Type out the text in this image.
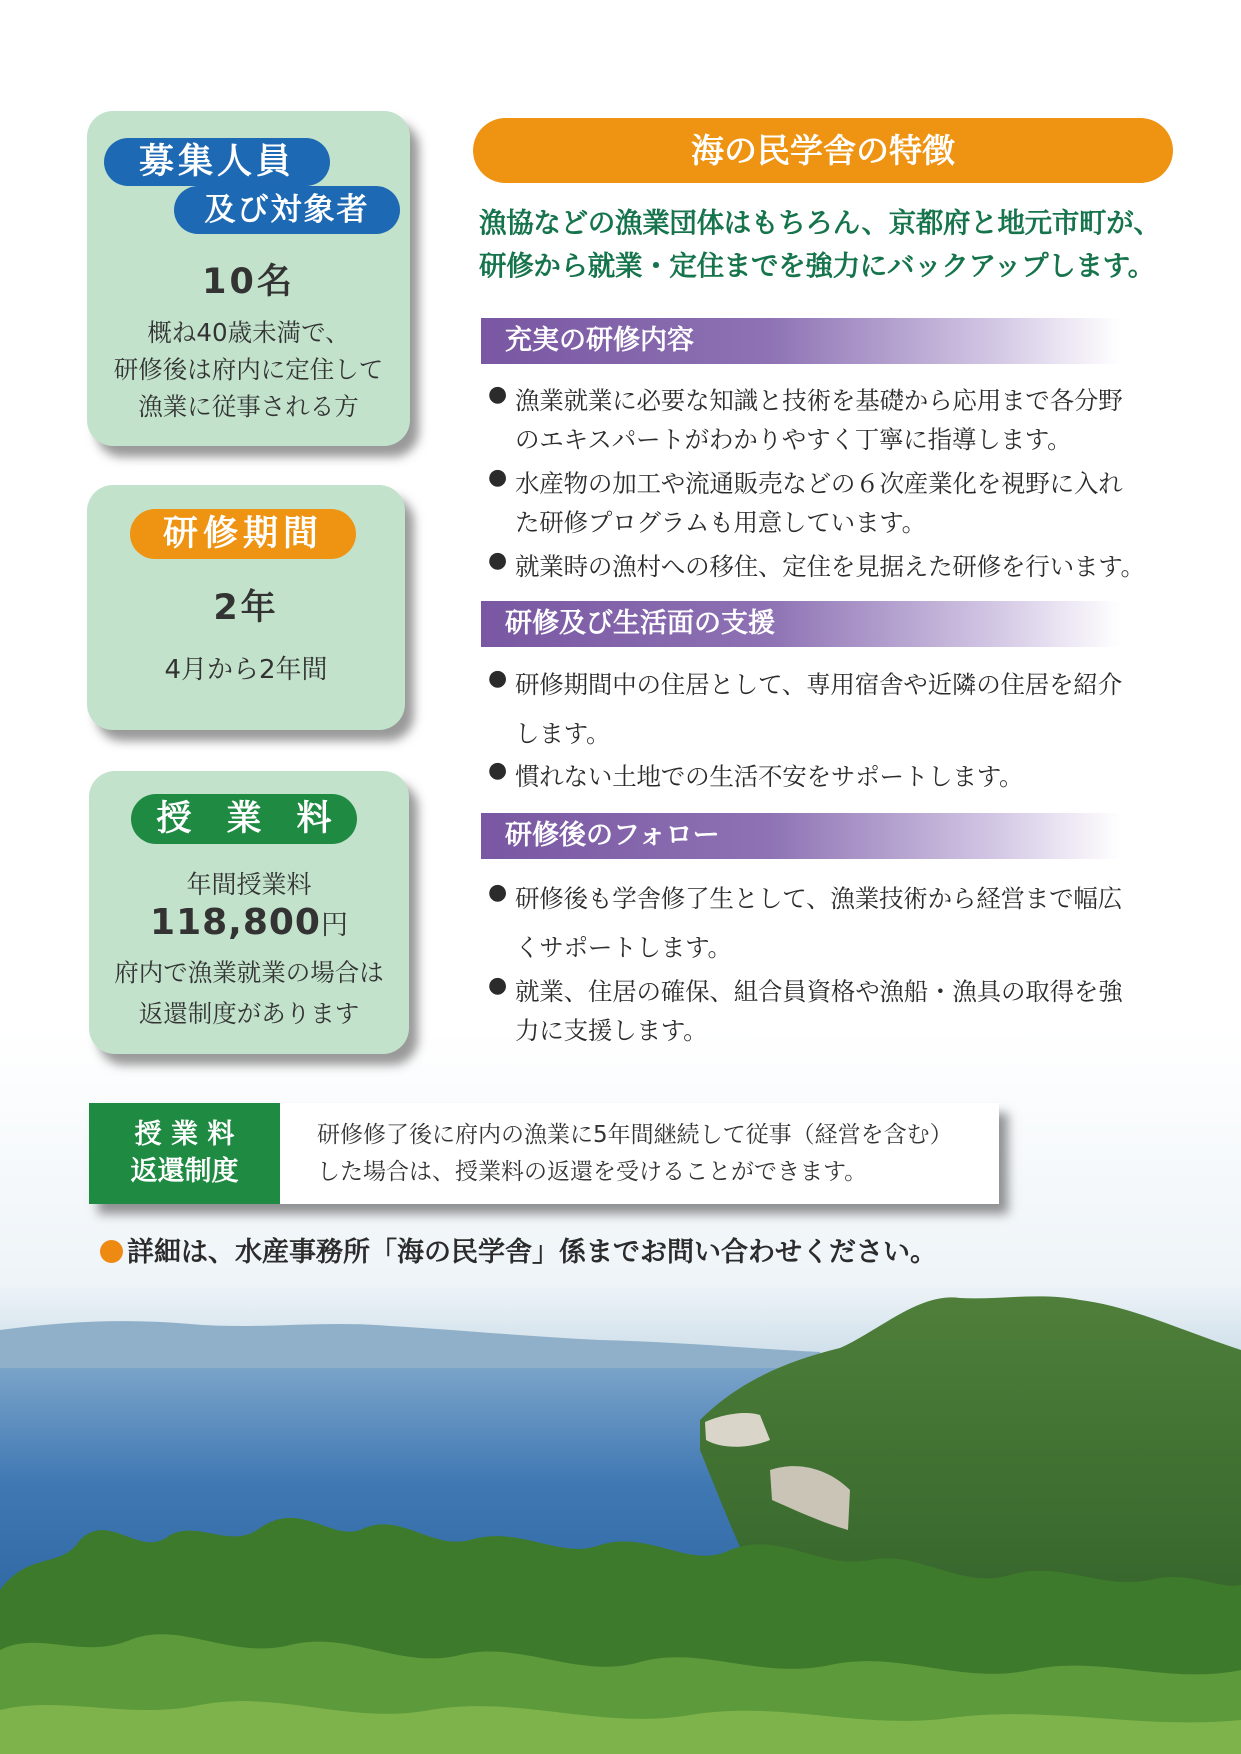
募集人員
及び対象者
10名
概ね40歳未満で、
研修後は府内に定住して
漁業に従事される方
研修期間
2年
4月から2年間
授　業　料
年間授業料
118,800円
府内で漁業就業の場合は
返還制度があります
海の民学舎の特徴
漁協などの漁業団体はもちろん、京都府と地元市町が、
研修から就業・定住までを強力にバックアップします。
充実の研修内容
● 漁業就業に必要な知識と技術を基礎から応用まで各分野
のエキスパートがわかりやすく丁寧に指導します。
● 水産物の加工や流通販売などの６次産業化を視野に入れ
た研修プログラムも用意しています。
● 就業時の漁村への移住、定住を見据えた研修を行います。
研修及び生活面の支援
● 研修期間中の住居として、専用宿舎や近隣の住居を紹介
します。
● 慣れない土地での生活不安をサポートします。
研修後のフォロー
● 研修後も学舎修了生として、漁業技術から経営まで幅広
くサポートします。
● 就業、住居の確保、組合員資格や漁船・漁具の取得を強
力に支援します。
授 業 料
返還制度
研修修了後に府内の漁業に5年間継続して従事（経営を含む）
した場合は、授業料の返還を受けることができます。
詳細は、水産事務所「海の民学舎」係までお問い合わせください。
